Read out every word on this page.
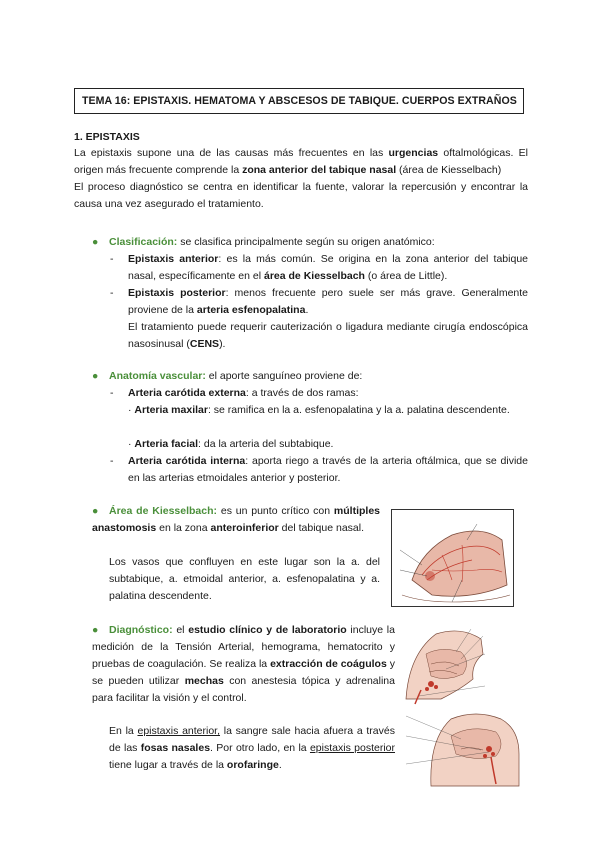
TEMA 16: EPISTAXIS. HEMATOMA Y ABSCESOS DE TABIQUE. CUERPOS EXTRAÑOS
1. EPISTAXIS
La epistaxis supone una de las causas más frecuentes en las urgencias oftalmológicas. El origen más frecuente comprende la zona anterior del tabique nasal (área de Kiesselbach)
El proceso diagnóstico se centra en identificar la fuente, valorar la repercusión y encontrar la causa una vez asegurado el tratamiento.
● Clasificación: se clasifica principalmente según su origen anatómico:
- Epistaxis anterior: es la más común. Se origina en la zona anterior del tabique nasal, específicamente en el área de Kiesselbach (o área de Little).
- Epistaxis posterior: menos frecuente pero suele ser más grave. Generalmente proviene de la arteria esfenopalatina.
El tratamiento puede requerir cauterización o ligadura mediante cirugía endoscópica nasosinusal (CENS).
● Anatomía vascular: el aporte sanguíneo proviene de:
- Arteria carótida externa: a través de dos ramas:
· Arteria maxilar: se ramifica en la a. esfenopalatina y la a. palatina descendente.
· Arteria facial: da la arteria del subtabique.
- Arteria carótida interna: aporta riego a través de la arteria oftálmica, que se divide en las arterias etmoidales anterior y posterior.
● Área de Kiesselbach: es un punto crítico con múltiples anastomosis en la zona anteroinferior del tabique nasal.
Los vasos que confluyen en este lugar son la a. del subtabique, a. etmoidal anterior, a. esfenopalatina y a. palatina descendente.
● Diagnóstico: el estudio clínico y de laboratorio incluye la medición de la Tensión Arterial, hemograma, hematocrito y pruebas de coagulación. Se realiza la extracción de coágulos y se pueden utilizar mechas con anestesia tópica y adrenalina para facilitar la visión y el control.
En la epistaxis anterior, la sangre sale hacia afuera a través de las fosas nasales. Por otro lado, en la epistaxis posterior tiene lugar a través de la orofaringe.
